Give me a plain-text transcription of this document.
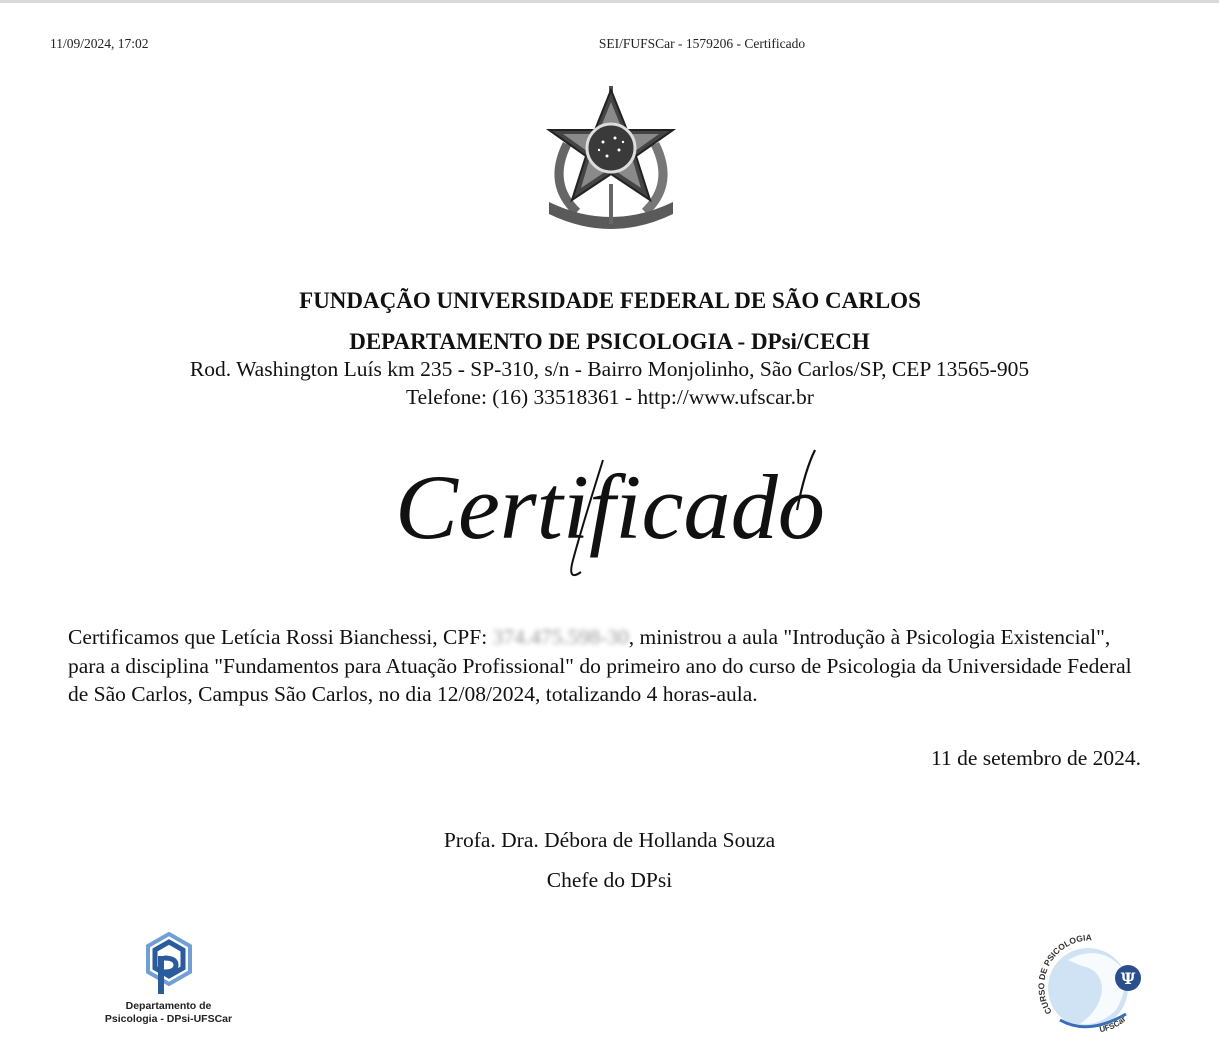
11/09/2024, 17:02	SEI/FUFSCar - 1579206 - Certificado
FUNDAÇÃO UNIVERSIDADE FEDERAL DE SÃO CARLOS
DEPARTAMENTO DE PSICOLOGIA - DPsi/CECH
Rod. Washington Luís km 235 - SP-310, s/n - Bairro Monjolinho, São Carlos/SP, CEP 13565-905
Telefone: (16) 33518361 - http://www.ufscar.br
Certificado
Certificamos que Letícia Rossi Bianchessi, CPF: 374.475.598-30, ministrou a aula "Introdução à Psicologia Existencial", para a disciplina "Fundamentos para Atuação Profissional" do primeiro ano do curso de Psicologia da Universidade Federal de São Carlos, Campus São Carlos, no dia 12/08/2024, totalizando 4 horas-aula.
11 de setembro de 2024.
Profa. Dra. Débora de Hollanda Souza
Chefe do DPsi
Departamento de
Psicologia - DPsi-UFSCar
Ψ
CURSO DE PSICOLOGIA
UFSCar
